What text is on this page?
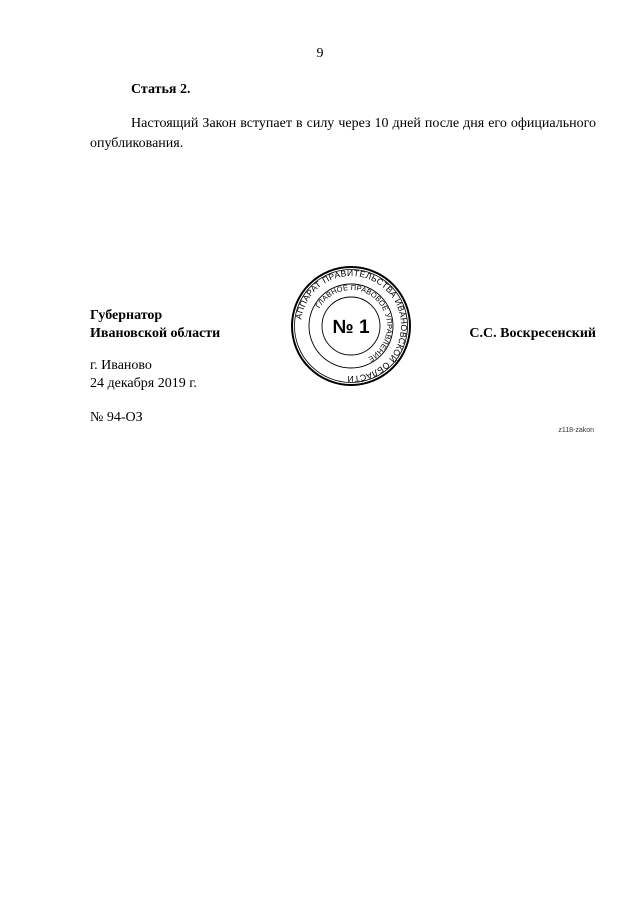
9
Статья 2.
Настоящий Закон вступает в силу через 10 дней после дня его официального опубликования.
Губернатор
Ивановской области
АППАРАТ ПРАВИТЕЛЬСТВА ИВАНОВСКОЙ ОБЛАСТИ
ГЛАВНОЕ ПРАВОВОЕ УПРАВЛЕНИЕ
№ 1	С.С. Воскресенский
г. Иваново
24 декабря 2019 г.
№ 94-ОЗ
z118-zakon
